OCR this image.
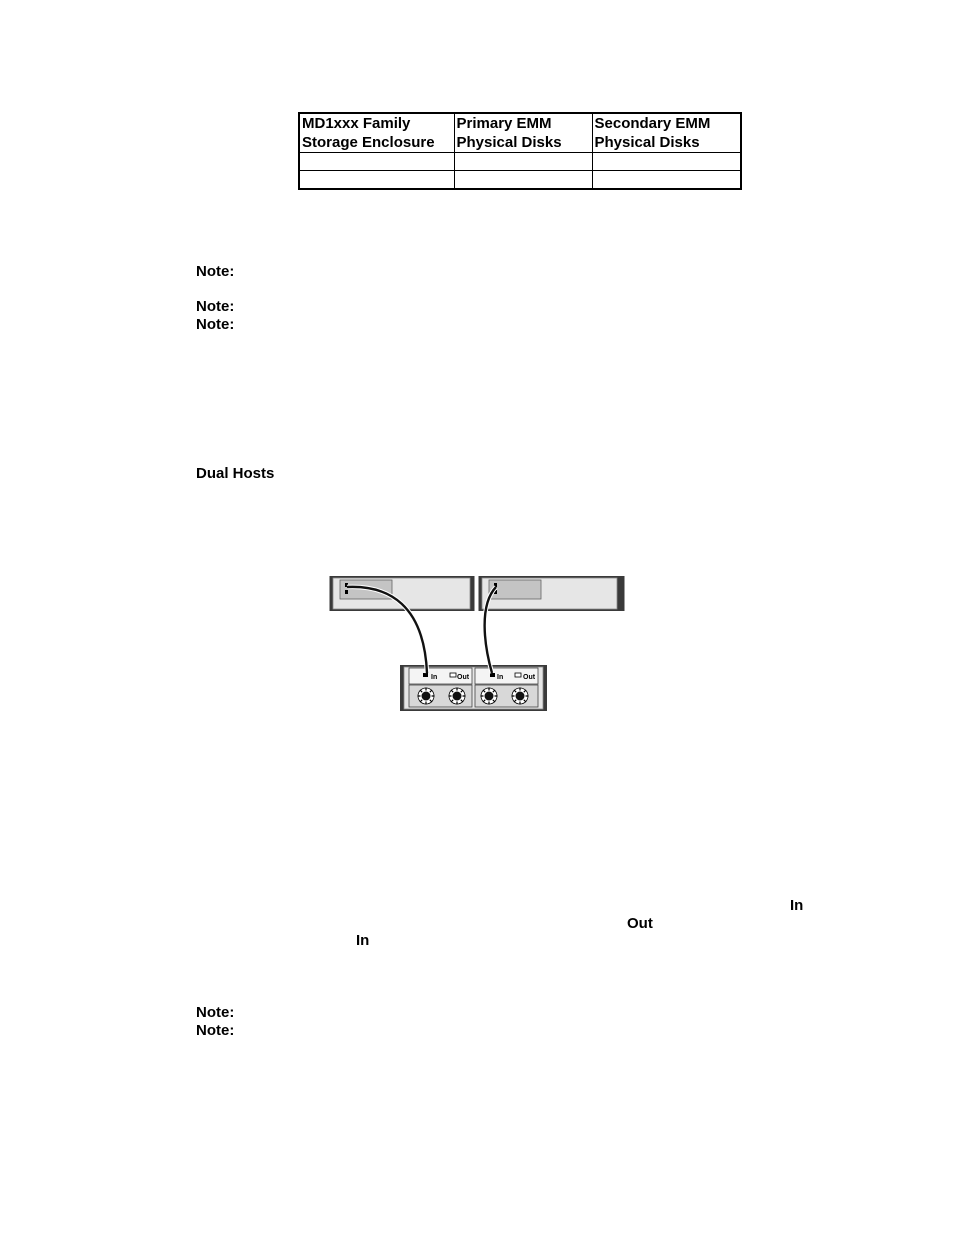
MD1xxx Family Storage Enclosure	Primary EMM Physical Disks	Secondary EMM Physical Disks

Note:
Note:
Note:
Dual Hosts
In	Out	In	Out
In
Out
In
Note:
Note:
